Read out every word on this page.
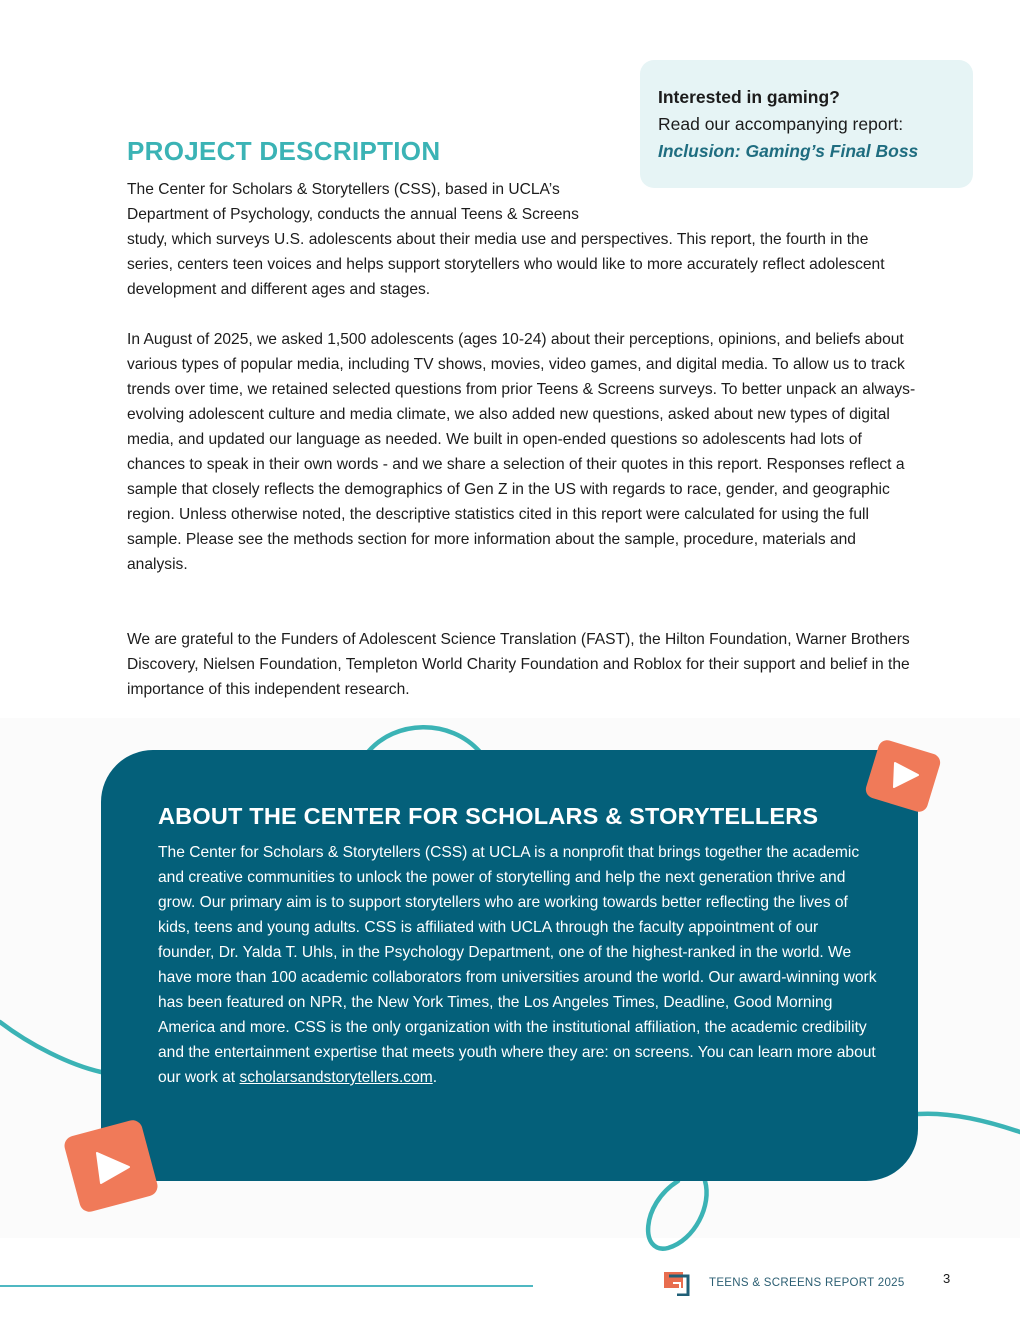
Interested in gaming?
Read our accompanying report:
Inclusion: Gaming’s Final Boss
PROJECT DESCRIPTION

The Center for Scholars & Storytellers (CSS), based in UCLA’s

Department of Psychology, conducts the annual Teens & Screens

study, which surveys U.S. adolescents about their media use and perspectives. This report, the fourth in the series, centers teen voices and helps support storytellers who would like to more accurately reflect adolescent development and different ages and stages.

In August of 2025, we asked 1,500 adolescents (ages 10-24) about their perceptions, opinions, and beliefs about various types of popular media, including TV shows, movies, video games, and digital media. To allow us to track trends over time, we retained selected questions from prior Teens & Screens surveys. To better unpack an always-evolving adolescent culture and media climate, we also added new questions, asked about new types of digital media, and updated our language as needed. We built in open-ended questions so adolescents had lots of chances to speak in their own words - and we share a selection of their quotes in this report. Responses reflect a sample that closely reflects the demographics of Gen Z in the US with regards to race, gender, and geographic region. Unless otherwise noted, the descriptive statistics cited in this report were calculated for using the full sample. Please see the methods section for more information about the sample, procedure, materials and analysis.

We are grateful to the Funders of Adolescent Science Translation (FAST), the Hilton Foundation, Warner Brothers Discovery, Nielsen Foundation, Templeton World Charity Foundation and Roblox for their support and belief in the importance of this independent research.

ABOUT THE CENTER FOR SCHOLARS & STORYTELLERS

The Center for Scholars & Storytellers (CSS) at UCLA is a nonprofit that brings together the academic and creative communities to unlock the power of storytelling and help the next generation thrive and grow. Our primary aim is to support storytellers who are working towards better reflecting the lives of kids, teens and young adults. CSS is affiliated with UCLA through the faculty appointment of our founder, Dr. Yalda T. Uhls, in the Psychology Department, one of the highest-ranked in the world. We have more than 100 academic collaborators from universities around the world. Our award-winning work has been featured on NPR, the New York Times, the Los Angeles Times, Deadline, Good Morning America and more. CSS is the only organization with the institutional affiliation, the academic credibility and the entertainment expertise that meets youth where they are: on screens. You can learn more about our work at scholarsandstorytellers.com.

TEENS & SCREENS REPORT 2025	3
